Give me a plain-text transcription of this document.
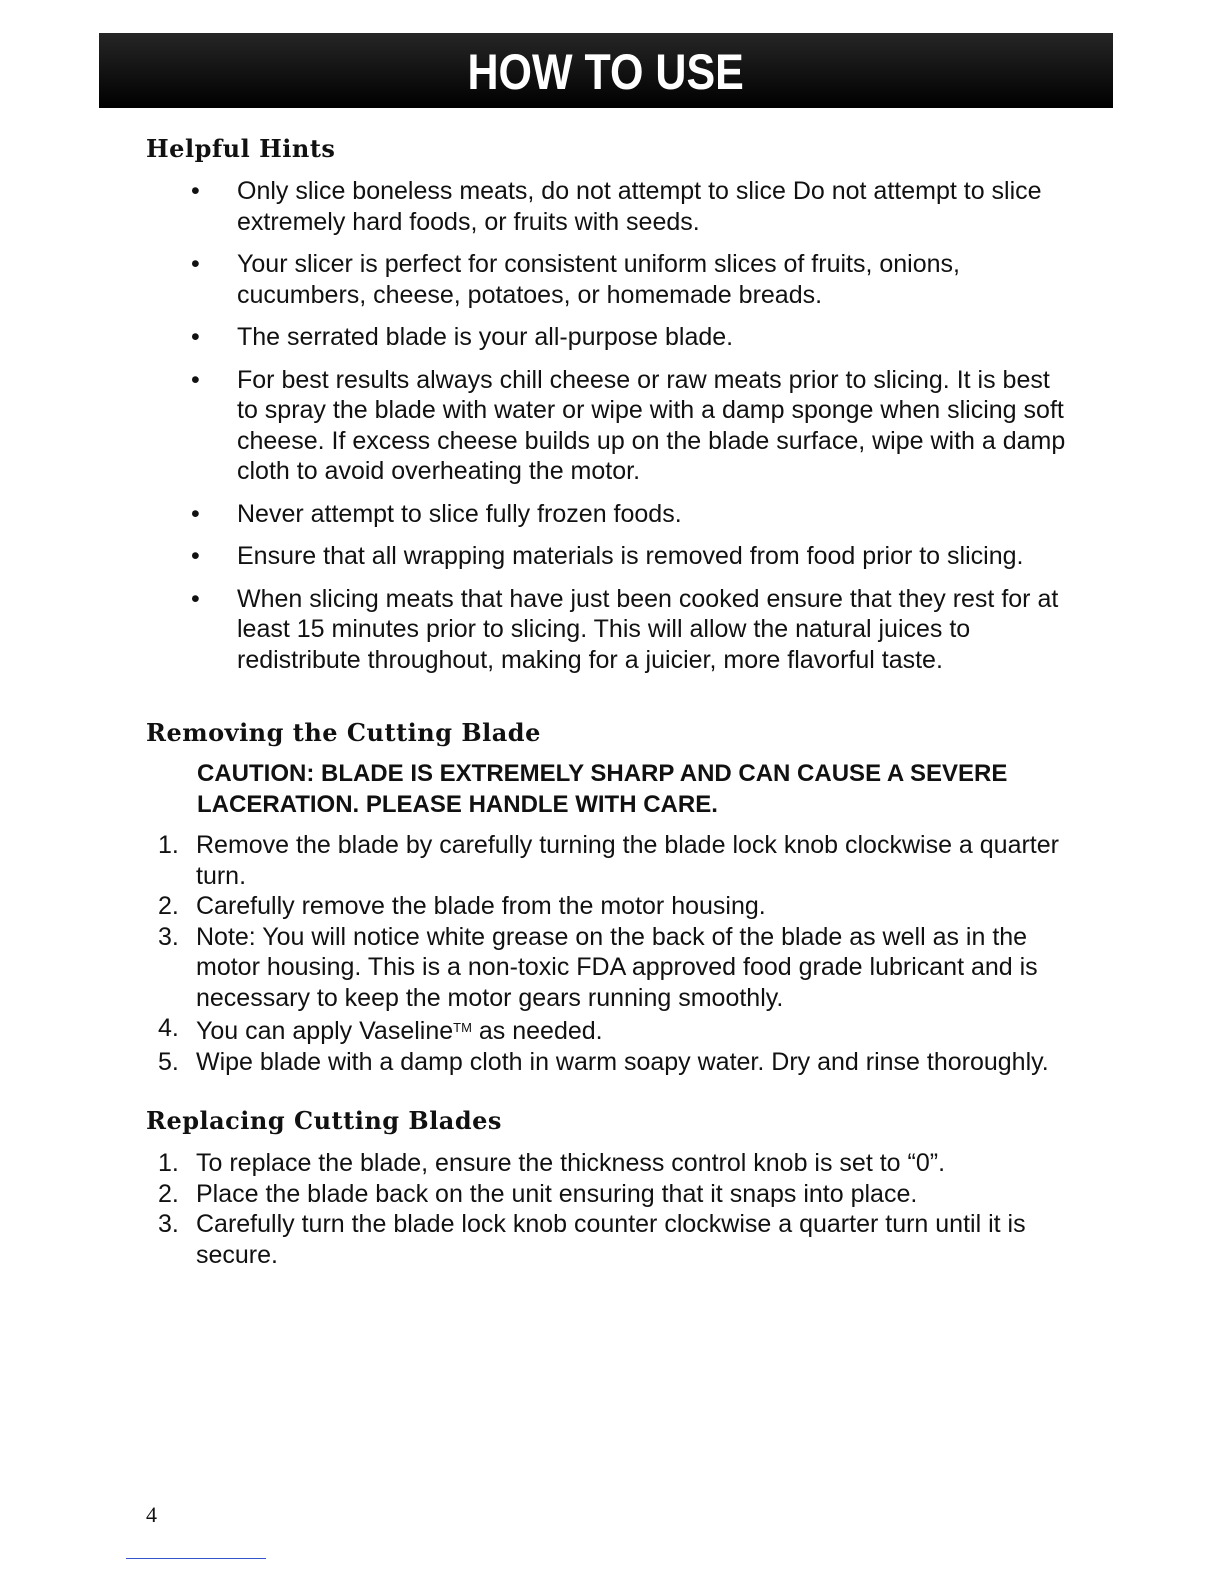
HOW TO USE
Helpful Hints
• Only slice boneless meats, do not attempt to slice Do not attempt to slice extremely hard foods, or fruits with seeds.
• Your slicer is perfect for consistent uniform slices of fruits, onions, cucumbers, cheese, potatoes, or homemade breads.
• The serrated blade is your all-purpose blade.
• For best results always chill cheese or raw meats prior to slicing. It is best to spray the blade with water or wipe with a damp sponge when slicing soft cheese. If excess cheese builds up on the blade surface, wipe with a damp cloth to avoid overheating the motor.
• Never attempt to slice fully frozen foods.
• Ensure that all wrapping materials is removed from food prior to slicing.
• When slicing meats that have just been cooked ensure that they rest for at least 15 minutes prior to slicing. This will allow the natural juices to redistribute throughout, making for a juicier, more flavorful taste.
Removing the Cutting Blade

CAUTION: BLADE IS EXTREMELY SHARP AND CAN CAUSE A SEVERE LACERATION. PLEASE HANDLE WITH CARE.

1. Remove the blade by carefully turning the blade lock knob clockwise a quarter turn.
2. Carefully remove the blade from the motor housing.
3. Note: You will notice white grease on the back of the blade as well as in the motor housing. This is a non-toxic FDA approved food grade lubricant and is necessary to keep the motor gears running smoothly.
4. You can apply Vaseline™ as needed.
5. Wipe blade with a damp cloth in warm soapy water. Dry and rinse thoroughly.
Replacing Cutting Blades
1. To replace the blade, ensure the thickness control knob is set to “0”.
2. Place the blade back on the unit ensuring that it snaps into place.
3. Carefully turn the blade lock knob counter clockwise a quarter turn until it is secure.
4
